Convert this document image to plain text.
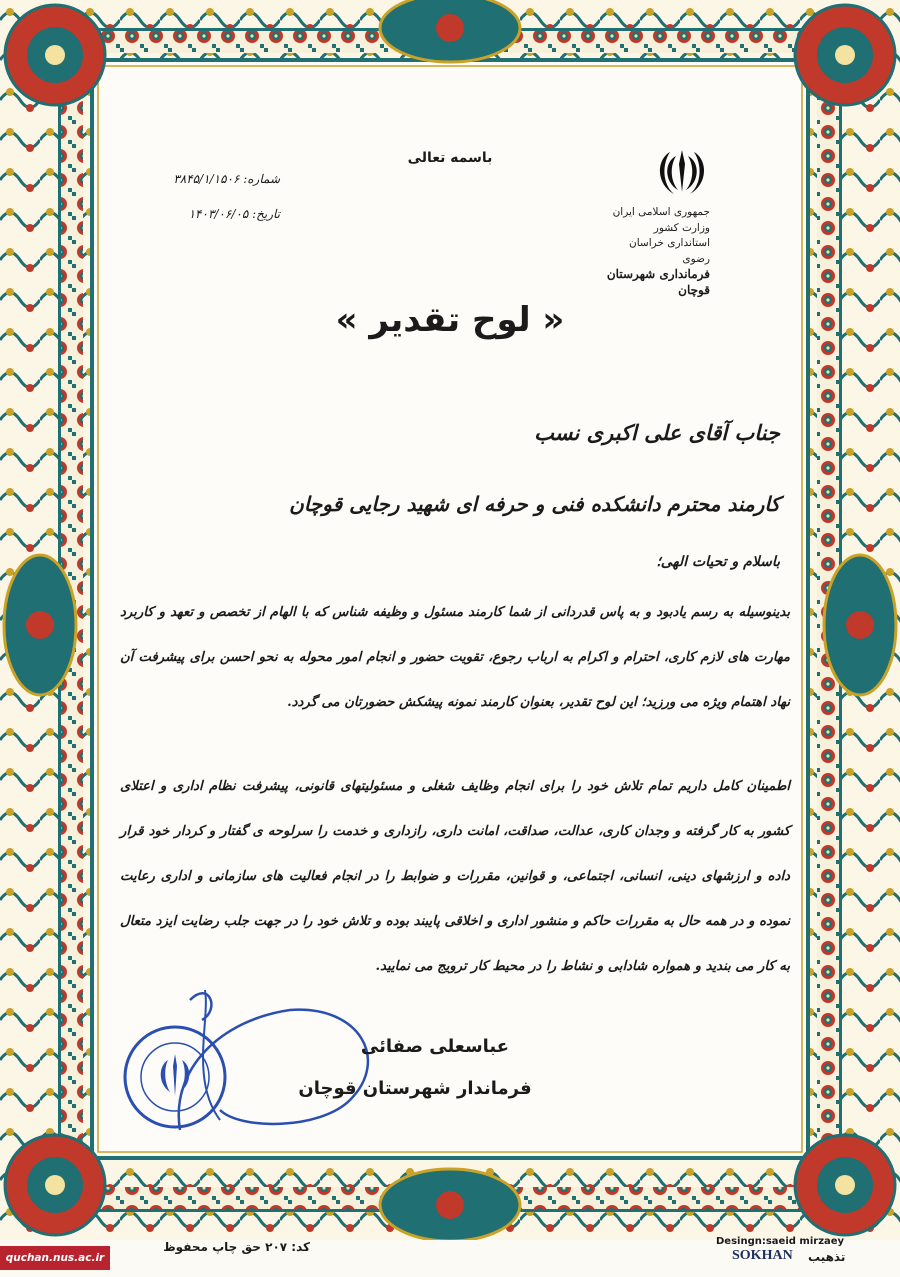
باسمه تعالی
جمهوری اسلامی ایران
وزارت کشور
استانداری خراسان رضوی
فرمانداری شهرستان قوچان
شماره: ۳۸۴۵/۱/۱۵۰۶
تاریخ: ۱۴۰۳/۰۶/۰۵
« لوح تقدیر »
جناب آقای علی اکبری نسب
کارمند محترم دانشکده فنی و حرفه ای شهید رجایی قوچان
باسلام و تحیات الهی؛
بدینوسیله به رسم یادبود و به پاس قدردانی از شما کارمند مسئول و وظیفه شناس که با الهام از تخصص و تعهد و کاربرد مهارت های لازم کاری، احترام و اکرام به ارباب رجوع، تقویت حضور و انجام امور محوله به نحو احسن برای پیشرفت آن نهاد اهتمام ویژه می ورزید؛ این لوح تقدیر، بعنوان کارمند نمونه پیشکش حضورتان می گردد.
اطمینان کامل داریم تمام تلاش خود را برای انجام وظایف شغلی و مسئولیتهای قانونی، پیشرفت نظام اداری و اعتلای کشور به کار گرفته و وجدان کاری، عدالت، صداقت، امانت داری، رازداری و خدمت را سرلوحه ی گفتار و کردار خود قرار داده و ارزشهای دینی، انسانی، اجتماعی، و قوانین، مقررات و ضوابط را در انجام فعالیت های سازمانی و اداری رعایت نموده و در همه حال به مقررات حاکم و منشور اداری و اخلاقی پایبند بوده و تلاش خود را در جهت جلب رضایت ایزد متعال به کار می بندید و همواره شادابی و نشاط را در محیط کار ترویج می نمایید.
عباسعلی صفائی
فرماندار شهرستان قوچان
کد: ۲۰۷ حق چاپ محفوظ	Desingn:saeid mirzaey
SOKHAN تذهیب
quchan.nus.ac.ir
